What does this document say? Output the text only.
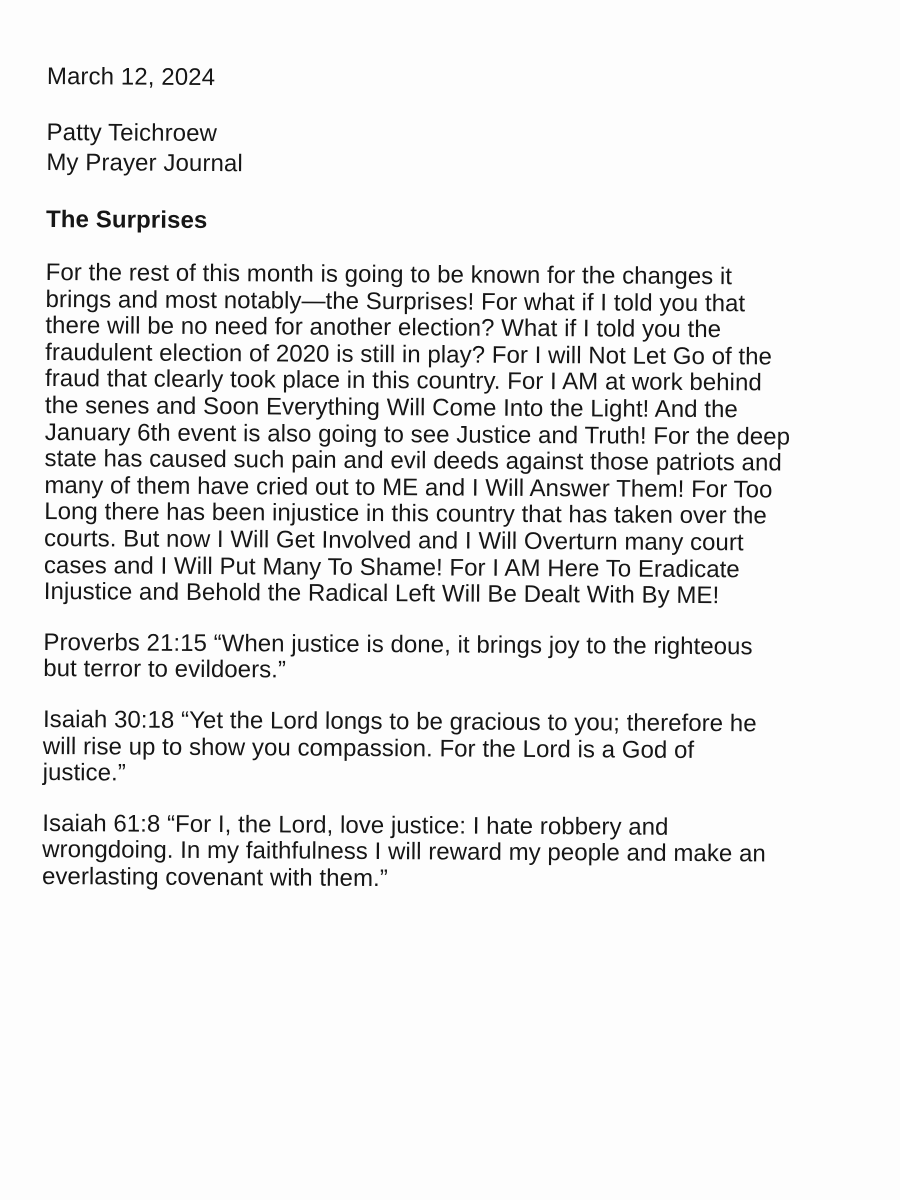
March 12, 2024

Patty Teichroew
My Prayer Journal
The Surprises
For the rest of this month is going to be known for the changes it
brings and most notably—the Surprises! For what if I told you that
there will be no need for another election? What if I told you the
fraudulent election of 2020 is still in play? For I will Not Let Go of the
fraud that clearly took place in this country. For I AM at work behind
the senes and Soon Everything Will Come Into the Light! And the
January 6th event is also going to see Justice and Truth! For the deep
state has caused such pain and evil deeds against those patriots and
many of them have cried out to ME and I Will Answer Them! For Too
Long there has been injustice in this country that has taken over the
courts. But now I Will Get Involved and I Will Overturn many court
cases and I Will Put Many To Shame! For I AM Here To Eradicate
Injustice and Behold the Radical Left Will Be Dealt With By ME!
Proverbs 21:15 “When justice is done, it brings joy to the righteous
but terror to evildoers.”
Isaiah 30:18 “Yet the Lord longs to be gracious to you; therefore he
will rise up to show you compassion. For the Lord is a God of
justice.”
Isaiah 61:8 “For I, the Lord, love justice: I hate robbery and
wrongdoing. In my faithfulness I will reward my people and make an
everlasting covenant with them.”
